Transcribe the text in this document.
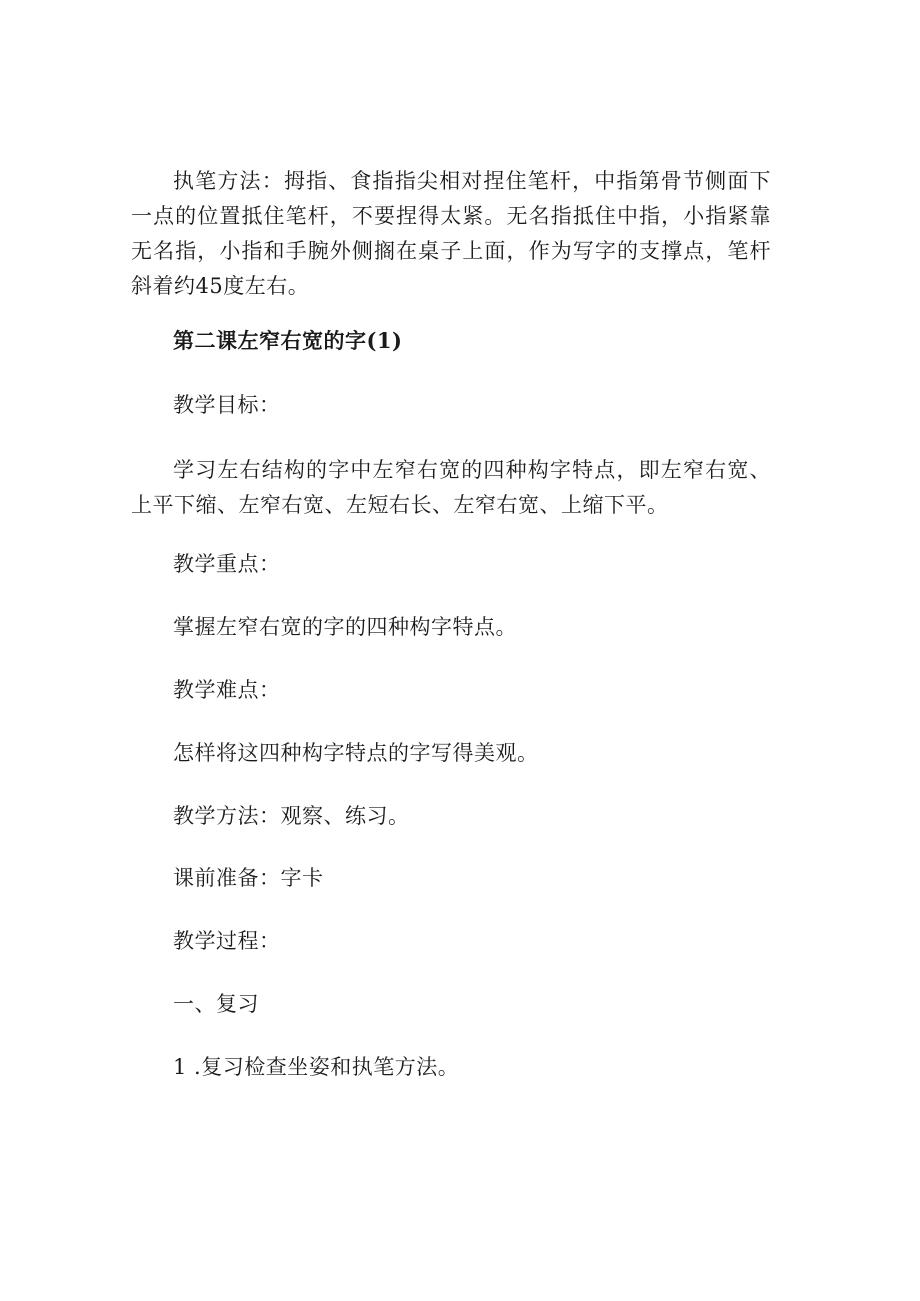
执笔方法：拇指、食指指尖相对捏住笔杆，中指第骨节侧面下一点的位置抵住笔杆，不要捏得太紧。无名指抵住中指，小指紧靠无名指，小指和手腕外侧搁在桌子上面，作为写字的支撑点，笔杆斜着约45度左右。

第二课左窄右宽的字(1)

教学目标：

学习左右结构的字中左窄右宽的四种构字特点，即左窄右宽、上平下缩、左窄右宽、左短右长、左窄右宽、上缩下平。

教学重点：

掌握左窄右宽的字的四种构字特点。

教学难点：

怎样将这四种构字特点的字写得美观。

教学方法：观察、练习。

课前准备：字卡

教学过程：

一、复习

1 .复习检查坐姿和执笔方法。
